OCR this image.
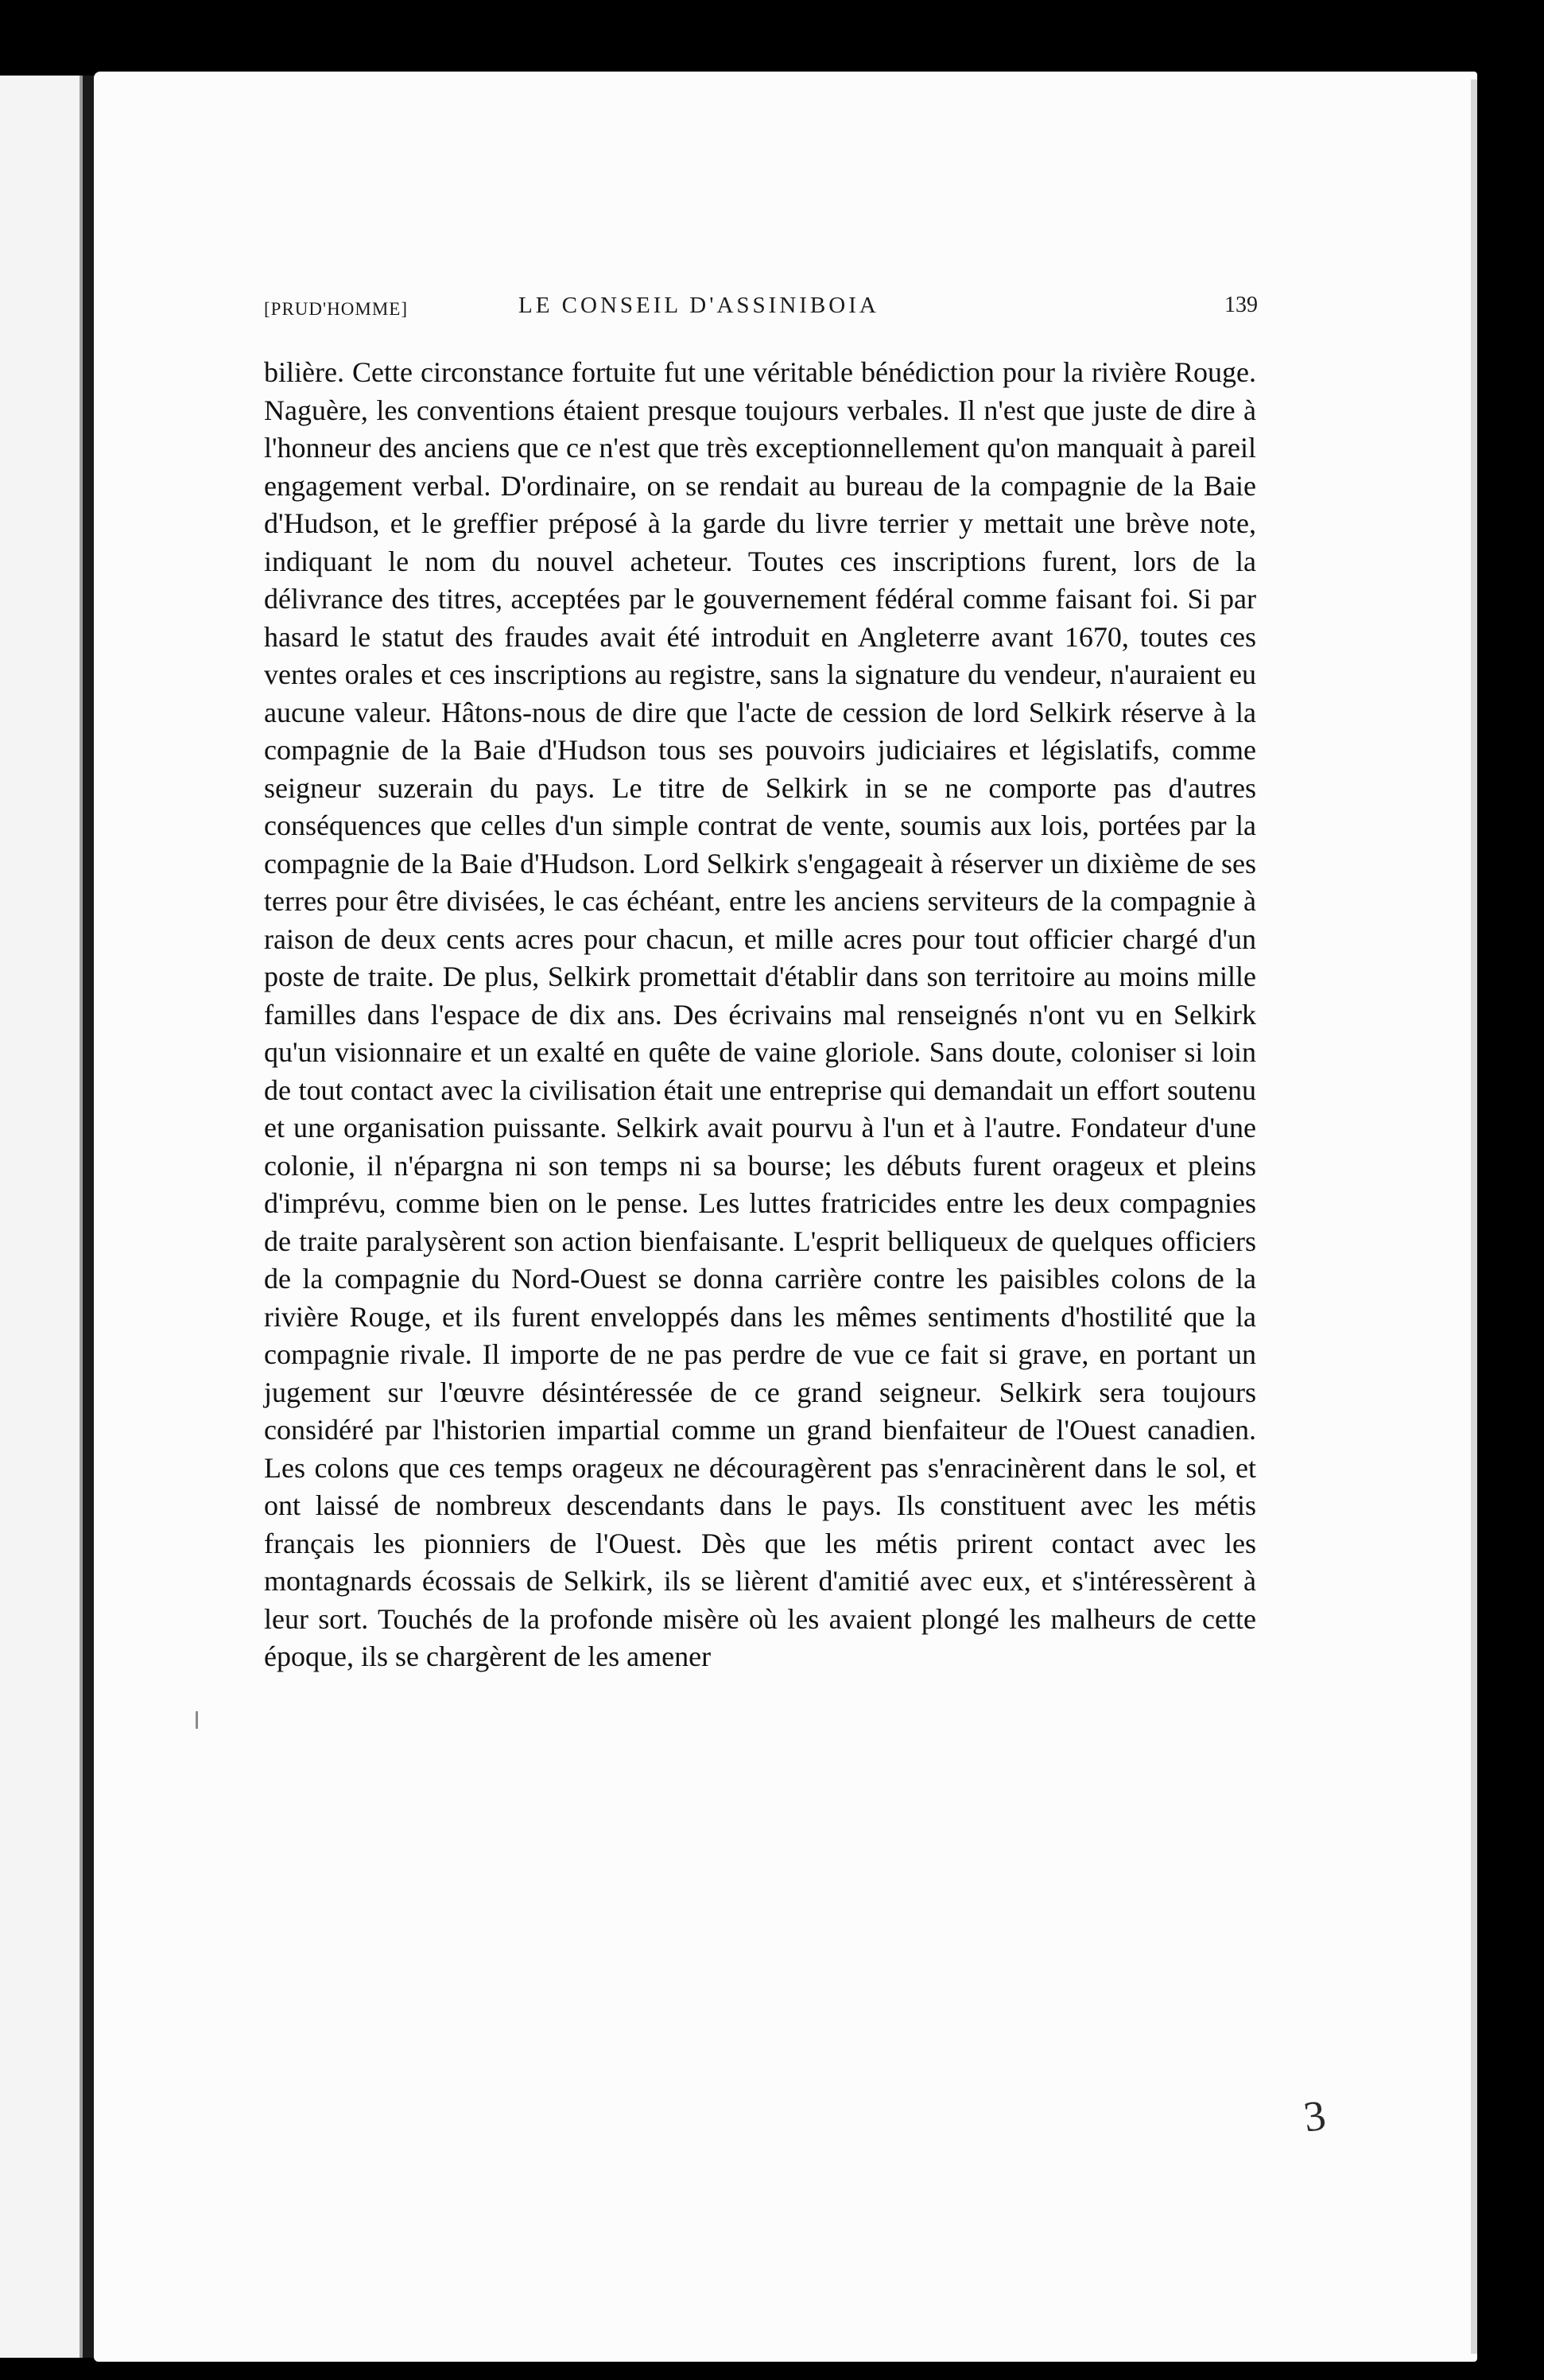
[PRUD'HOMME]	LE CONSEIL D'ASSINIBOIA	139

bilière. Cette circonstance fortuite fut une véritable bénédiction pour la rivière Rouge. Naguère, les conventions étaient presque toujours verbales. Il n'est que juste de dire à l'honneur des anciens que ce n'est que très exceptionnellement qu'on manquait à pareil engagement verbal. D'ordinaire, on se rendait au bureau de la compagnie de la Baie d'Hudson, et le greffier préposé à la garde du livre terrier y mettait une brève note, indiquant le nom du nouvel acheteur. Toutes ces inscriptions furent, lors de la délivrance des titres, acceptées par le gouvernement fédéral comme faisant foi. Si par hasard le statut des fraudes avait été introduit en Angleterre avant 1670, toutes ces ventes orales et ces inscriptions au registre, sans la signature du vendeur, n'auraient eu aucune valeur. Hâtons-nous de dire que l'acte de cession de lord Selkirk réserve à la compagnie de la Baie d'Hudson tous ses pouvoirs judiciaires et législatifs, comme seigneur suzerain du pays. Le titre de Selkirk in se ne comporte pas d'autres conséquences que celles d'un simple contrat de vente, soumis aux lois, portées par la compagnie de la Baie d'Hudson. Lord Selkirk s'engageait à réserver un dixième de ses terres pour être divisées, le cas échéant, entre les anciens serviteurs de la compagnie à raison de deux cents acres pour chacun, et mille acres pour tout officier chargé d'un poste de traite. De plus, Selkirk promettait d'établir dans son territoire au moins mille familles dans l'espace de dix ans. Des écrivains mal renseignés n'ont vu en Selkirk qu'un visionnaire et un exalté en quête de vaine gloriole. Sans doute, coloniser si loin de tout contact avec la civilisation était une entreprise qui demandait un effort soutenu et une organisation puissante. Selkirk avait pourvu à l'un et à l'autre. Fondateur d'une colonie, il n'épargna ni son temps ni sa bourse; les débuts furent orageux et pleins d'imprévu, comme bien on le pense. Les luttes fratricides entre les deux compagnies de traite paralysèrent son action bienfaisante. L'esprit belliqueux de quelques officiers de la compagnie du Nord-Ouest se donna carrière contre les paisibles colons de la rivière Rouge, et ils furent enveloppés dans les mêmes sentiments d'hostilité que la compagnie rivale. Il importe de ne pas perdre de vue ce fait si grave, en portant un jugement sur l'œuvre désintéressée de ce grand seigneur. Selkirk sera toujours considéré par l'historien impartial comme un grand bienfaiteur de l'Ouest canadien. Les colons que ces temps orageux ne découragèrent pas s'enracinèrent dans le sol, et ont laissé de nombreux descendants dans le pays. Ils constituent avec les métis français les pionniers de l'Ouest. Dès que les métis prirent contact avec les montagnards écossais de Selkirk, ils se lièrent d'amitié avec eux, et s'intéressèrent à leur sort. Touchés de la profonde misère où les avaient plongé les malheurs de cette époque, ils se chargèrent de les amener

3
